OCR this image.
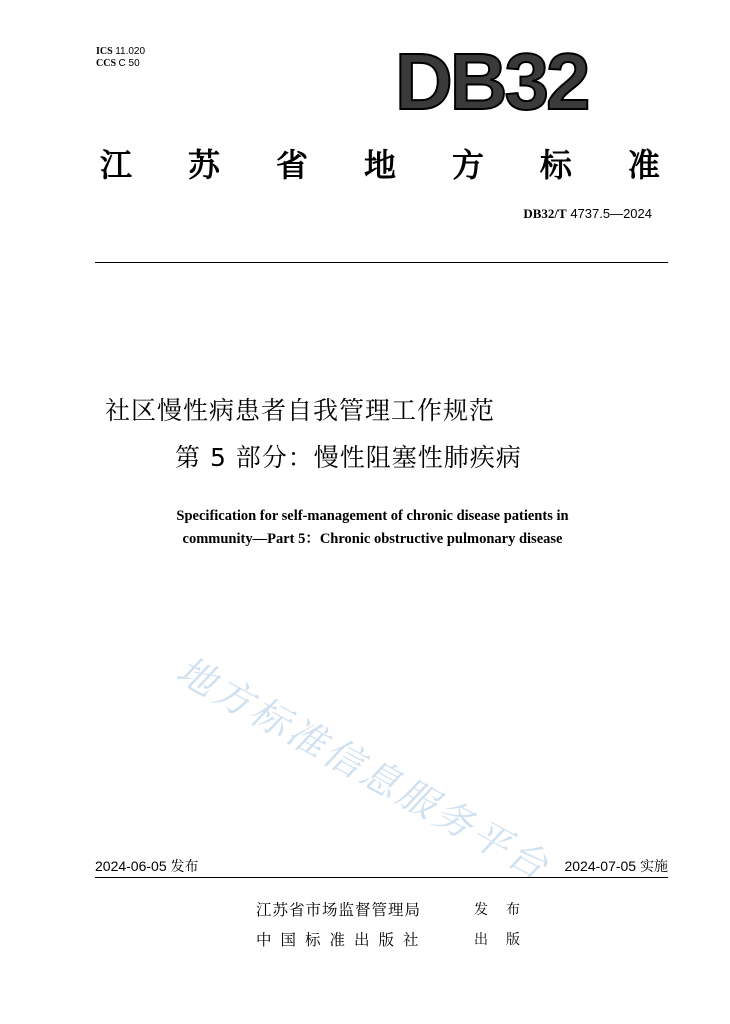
ICS 11.020
CCS C 50	DB32
江 苏 省 地 方 标 准
DB32/T 4737.5—2024
社区慢性病患者自我管理工作规范
第 5 部分：慢性阻塞性肺疾病
Specification for self-management of chronic disease patients in
community—Part 5：Chronic obstructive pulmonary disease
地方标准信息服务平台
2024-06-05 发布	2024-07-05 实施
江苏省市场监督管理局	发布
中国标准出版社	出版
